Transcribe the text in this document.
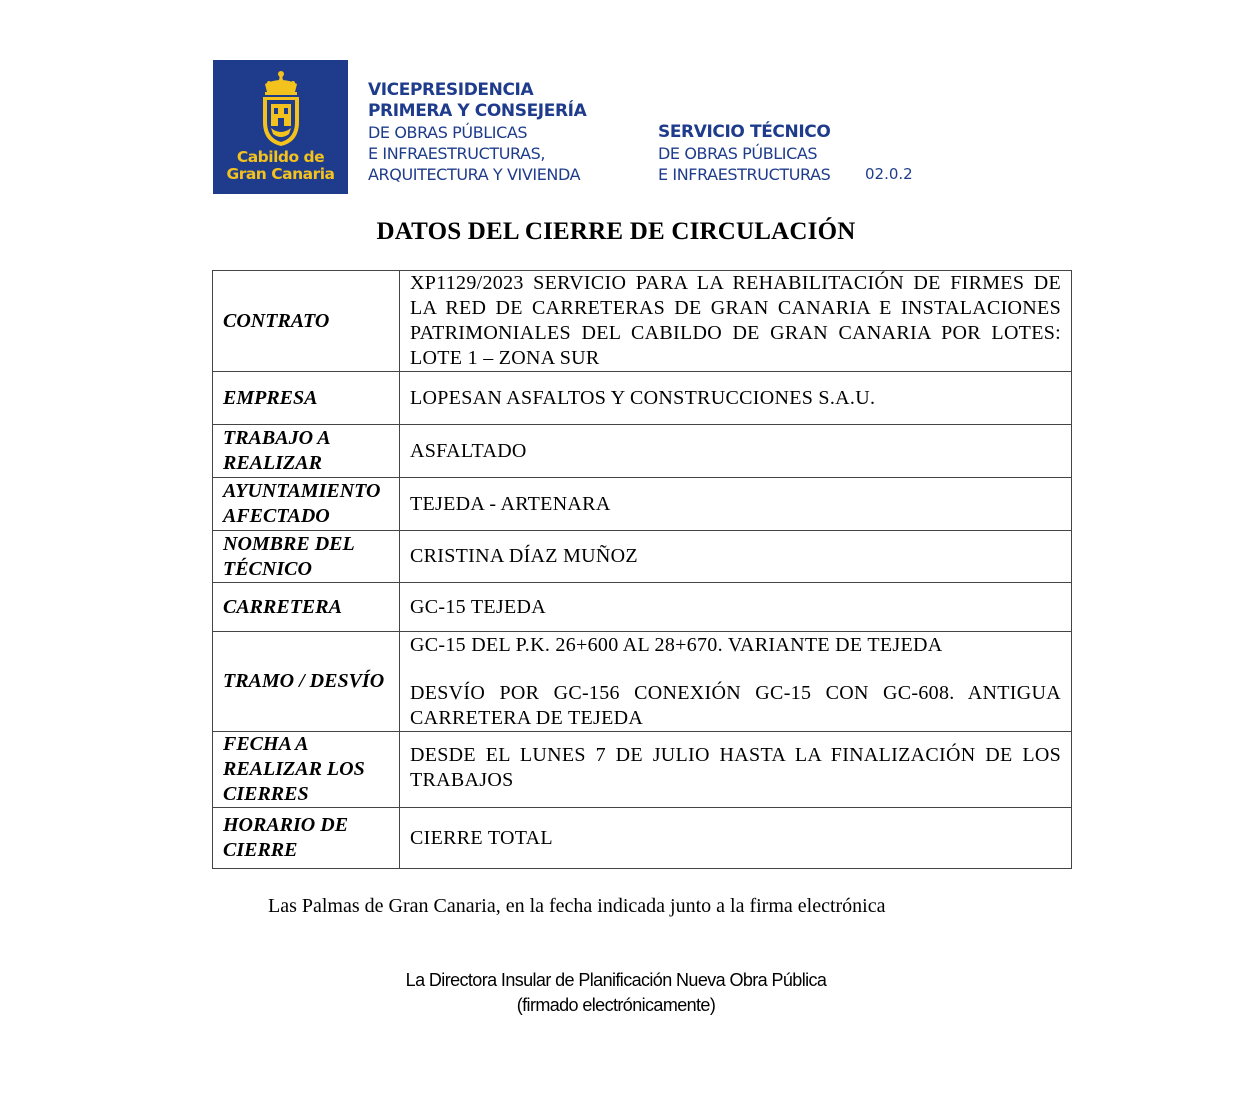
Cabildo de
Gran Canaria
VICEPRESIDENCIA
PRIMERA Y CONSEJERÍA
DE OBRAS PÚBLICAS
E INFRAESTRUCTURAS,
ARQUITECTURA Y VIVIENDA
SERVICIO TÉCNICO
DE OBRAS PÚBLICAS
E INFRAESTRUCTURAS 02.0.2
DATOS DEL CIERRE DE CIRCULACIÓN
CONTRATO	XP1129/2023 SERVICIO PARA LA REHABILITACIÓN DE FIRMES DE LA RED DE CARRETERAS DE GRAN CANARIA E INSTALACIONES PATRIMONIALES DEL CABILDO DE GRAN CANARIA POR LOTES: LOTE 1 – ZONA SUR
EMPRESA	LOPESAN ASFALTOS Y CONSTRUCCIONES S.A.U.
TRABAJO A REALIZAR	ASFALTADO
AYUNTAMIENTO AFECTADO	TEJEDA - ARTENARA
NOMBRE DEL TÉCNICO	CRISTINA DÍAZ MUÑOZ
CARRETERA	GC-15 TEJEDA
TRAMO / DESVÍO	GC-15 DEL P.K. 26+600 AL 28+670. VARIANTE DE TEJEDA
DESVÍO POR GC-156 CONEXIÓN GC-15 CON GC-608. ANTIGUA CARRETERA DE TEJEDA

FECHA A REALIZAR LOS CIERRES	DESDE EL LUNES 7 DE JULIO HASTA LA FINALIZACIÓN DE LOS TRABAJOS
HORARIO DE CIERRE	CIERRE TOTAL
Las Palmas de Gran Canaria, en la fecha indicada junto a la firma electrónica
La Directora Insular de Planificación Nueva Obra Pública
(firmado electrónicamente)
